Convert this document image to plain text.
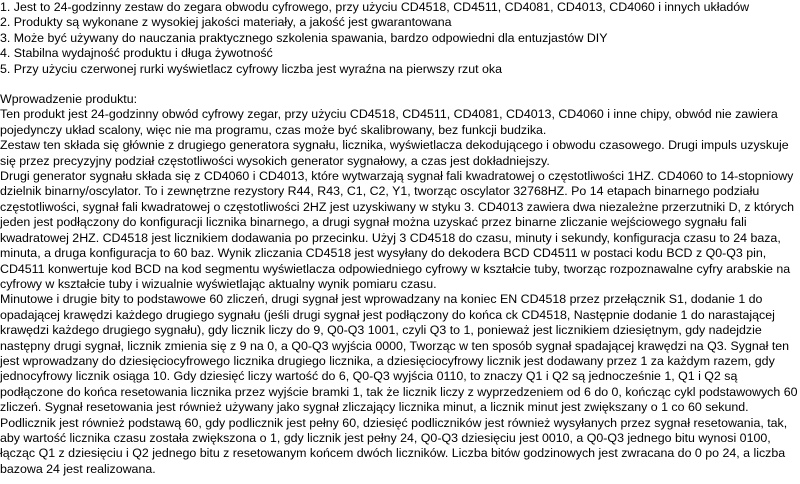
1. Jest to 24-godzinny zestaw do zegara obwodu cyfrowego, przy użyciu CD4518, CD4511, CD4081, CD4013, CD4060 i innych układów
2. Produkty są wykonane z wysokiej jakości materiały, a jakość jest gwarantowana
3. Może być używany do nauczania praktycznego szkolenia spawania, bardzo odpowiedni dla entuzjastów DIY
4. Stabilna wydajność produktu i długa żywotność
5. Przy użyciu czerwonej rurki wyświetlacz cyfrowy liczba jest wyraźna na pierwszy rzut oka

Wprowadzenie produktu:

Ten produkt jest 24-godzinny obwód cyfrowy zegar, przy użyciu CD4518, CD4511, CD4081, CD4013, CD4060 i inne chipy, obwód nie zawiera pojedynczy układ scalony, więc nie ma programu, czas może być skalibrowany, bez funkcji budzika.

Zestaw ten składa się głównie z drugiego generatora sygnału, licznika, wyświetlacza dekodującego i obwodu czasowego. Drugi impuls uzyskuje się przez precyzyjny podział częstotliwości wysokich generator sygnałowy, a czas jest dokładniejszy.

Drugi generator sygnału składa się z CD4060 i CD4013, które wytwarzają sygnał fali kwadratowej o częstotliwości 1HZ. CD4060 to 14-stopniowy dzielnik binarny/oscylator. To i zewnętrzne rezystory R44, R43, C1, C2, Y1, tworząc oscylator 32768HZ. Po 14 etapach binarnego podziału częstotliwości, sygnał fali kwadratowej o częstotliwości 2HZ jest uzyskiwany w styku 3. CD4013 zawiera dwa niezależne przerzutniki D, z których jeden jest podłączony do konfiguracji licznika binarnego, a drugi sygnał można uzyskać przez binarne zliczanie wejściowego sygnału fali kwadratowej 2HZ. CD4518 jest licznikiem dodawania po przecinku. Użyj 3 CD4518 do czasu, minuty i sekundy, konfiguracja czasu to 24 baza, minuta, a druga konfiguracja to 60 baz. Wynik zliczania CD4518 jest wysyłany do dekodera BCD CD4511 w postaci kodu BCD z Q0-Q3 pin, CD4511 konwertuje kod BCD na kod segmentu wyświetlacza odpowiedniego cyfrowy w kształcie tuby, tworząc rozpoznawalne cyfry arabskie na cyfrowy w kształcie tuby i wizualnie wyświetlając aktualny wynik pomiaru czasu.

Minutowe i drugie bity to podstawowe 60 zliczeń, drugi sygnał jest wprowadzany na koniec EN CD4518 przez przełącznik S1, dodanie 1 do opadającej krawędzi każdego drugiego sygnału (jeśli drugi sygnał jest podłączony do końca ck CD4518, Następnie dodanie 1 do narastającej krawędzi każdego drugiego sygnału), gdy licznik liczy do 9, Q0-Q3 1001, czyli Q3 to 1, ponieważ jest licznikiem dziesiętnym, gdy nadejdzie następny drugi sygnał, licznik zmienia się z 9 na 0, a Q0-Q3 wyjścia 0000, Tworząc w ten sposób sygnał spadającej krawędzi na Q3. Sygnał ten jest wprowadzany do dziesięciocyfrowego licznika drugiego licznika, a dziesięciocyfrowy licznik jest dodawany przez 1 za każdym razem, gdy jednocyfrowy licznik osiąga 10. Gdy dziesięć liczy wartość do 6, Q0-Q3 wyjścia 0110, to znaczy Q1 i Q2 są jednocześnie 1, Q1 i Q2 są podłączone do końca resetowania licznika przez wyjście bramki 1, tak że licznik liczy z wyprzedzeniem od 6 do 0, kończąc cykl podstawowych 60 zliczeń. Sygnał resetowania jest również używany jako sygnał zliczający licznika minut, a licznik minut jest zwiększany o 1 co 60 sekund.

Podlicznik jest również podstawą 60, gdy podlicznik jest pełny 60, dziesięć podliczników jest również wysyłanych przez sygnał resetowania, tak, aby wartość licznika czasu została zwiększona o 1, gdy licznik jest pełny 24, Q0-Q3 dziesięciu jest 0010, a Q0-Q3 jednego bitu wynosi 0100, łącząc Q1 z dziesięciu i Q2 jednego bitu z resetowanym końcem dwóch liczników. Liczba bitów godzinowych jest zwracana do 0 po 24, a liczba bazowa 24 jest realizowana.
